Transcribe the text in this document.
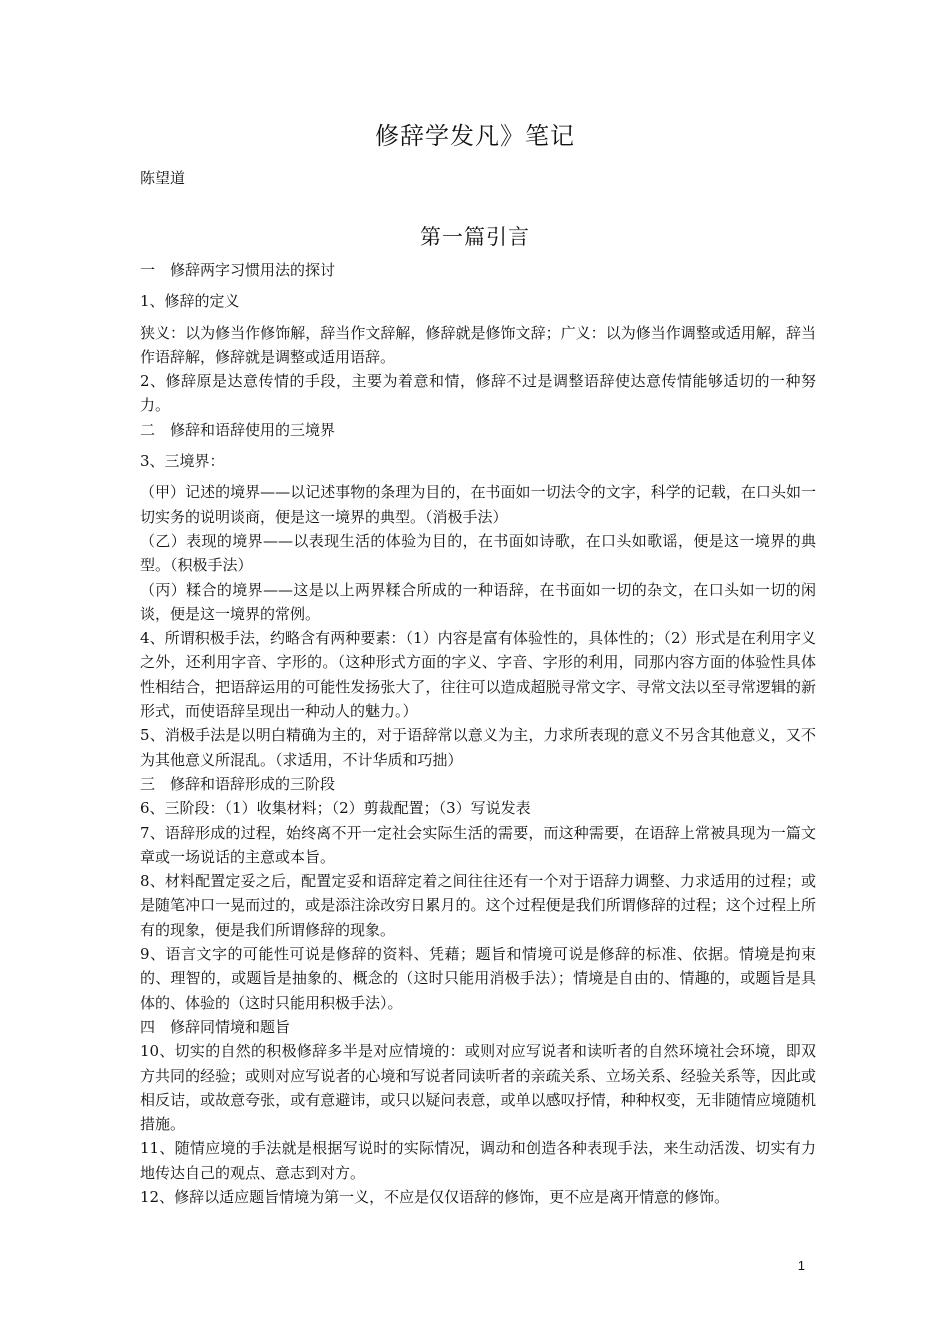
修辞学发凡》笔记
陈望道
第一篇引言

一　修辞两字习惯用法的探讨

1、修辞的定义

狭义：以为修当作修饰解，辞当作文辞解，修辞就是修饰文辞；广义：以为修当作调整或适用解，辞当作语辞解，修辞就是调整或适用语辞。

2、修辞原是达意传情的手段，主要为着意和情，修辞不过是调整语辞使达意传情能够适切的一种努力。

二　修辞和语辞使用的三境界

3、三境界：

（甲）记述的境界——以记述事物的条理为目的，在书面如一切法令的文字，科学的记载，在口头如一切实务的说明谈商，便是这一境界的典型。（消极手法）

（乙）表现的境界——以表现生活的体验为目的，在书面如诗歌，在口头如歌谣，便是这一境界的典型。（积极手法）

（丙）糅合的境界——这是以上两界糅合所成的一种语辞，在书面如一切的杂文，在口头如一切的闲谈，便是这一境界的常例。

4、所谓积极手法，约略含有两种要素：（1）内容是富有体验性的，具体性的；（2）形式是在利用字义之外，还利用字音、字形的。（这种形式方面的字义、字音、字形的利用，同那内容方面的体验性具体性相结合，把语辞运用的可能性发扬张大了，往往可以造成超脱寻常文字、寻常文法以至寻常逻辑的新形式，而使语辞呈现出一种动人的魅力。）

5、消极手法是以明白精确为主的，对于语辞常以意义为主，力求所表现的意义不另含其他意义，又不为其他意义所混乱。（求适用，不计华质和巧拙）

三　修辞和语辞形成的三阶段

6、三阶段：（1）收集材料；（2）剪裁配置；（3）写说发表

7、语辞形成的过程，始终离不开一定社会实际生活的需要，而这种需要，在语辞上常被具现为一篇文章或一场说话的主意或本旨。

8、材料配置定妥之后，配置定妥和语辞定着之间往往还有一个对于语辞力调整、力求适用的过程；或是随笔冲口一晃而过的，或是添注涂改穷日累月的。这个过程便是我们所谓修辞的过程；这个过程上所有的现象，便是我们所谓修辞的现象。

9、语言文字的可能性可说是修辞的资料、凭藉；题旨和情境可说是修辞的标准、依据。情境是拘束的、理智的，或题旨是抽象的、概念的（这时只能用消极手法）；情境是自由的、情趣的，或题旨是具体的、体验的（这时只能用积极手法）。

四　修辞同情境和题旨

10、切实的自然的积极修辞多半是对应情境的：或则对应写说者和读听者的自然环境社会环境，即双方共同的经验；或则对应写说者的心境和写说者同读听者的亲疏关系、立场关系、经验关系等，因此或相反诘，或故意夸张，或有意避讳，或只以疑问表意，或单以感叹抒情，种种权变，无非随情应境随机措施。

11、随情应境的手法就是根据写说时的实际情况，调动和创造各种表现手法，来生动活泼、切实有力地传达自己的观点、意志到对方。

12、修辞以适应题旨情境为第一义，不应是仅仅语辞的修饰，更不应是离开情意的修饰。

1
